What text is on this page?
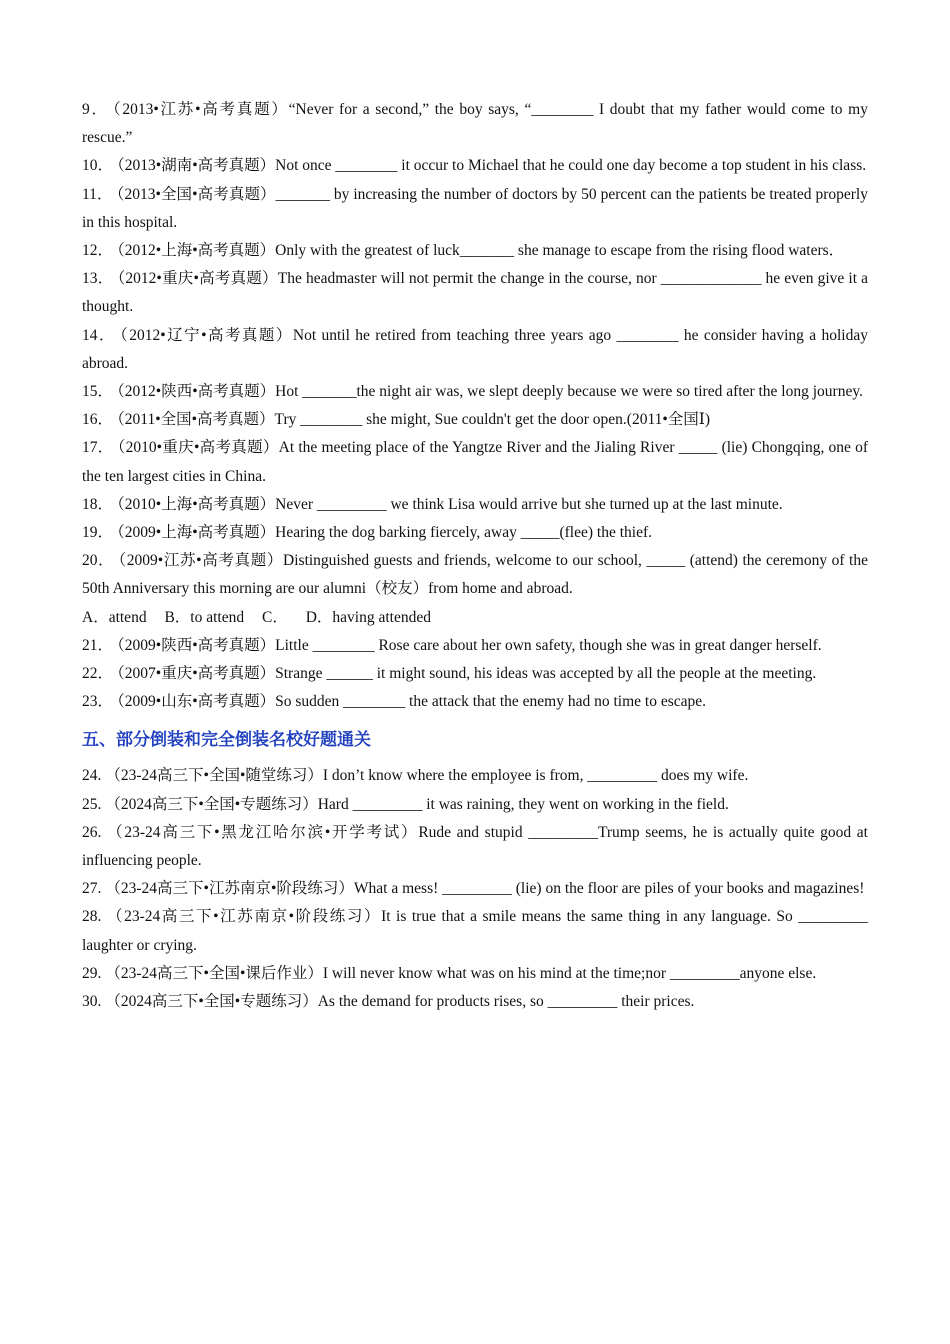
9． （2013•江苏•高考真题）“Never for a second,” the boy says, “________ I doubt that my father would come to my rescue.”

10． （2013•湖南•高考真题）Not once ________ it occur to Michael that he could one day become a top student in his class.

11． （2013•全国•高考真题）_______ by increasing the number of doctors by 50 percent can the patients be treated properly in this hospital.

12． （2012•上海•高考真题）Only with the greatest of luck_______ she manage to escape from the rising flood waters．

13． （2012•重庆•高考真题）The headmaster will not permit the change in the course, nor _____________ he even give it a thought.

14． （2012•辽宁•高考真题）Not until he retired from teaching three years ago ________ he consider having a holiday abroad.

15． （2012•陕西•高考真题）Hot _______the night air was, we slept deeply because we were so tired after the long journey.

16． （2011•全国•高考真题）Try ________ she might, Sue couldn't get the door open.(2011•全国Ⅰ)

17． （2010•重庆•高考真题）At the meeting place of the Yangtze River and the Jialing River _____ (lie) Chongqing, one of the ten largest cities in China.

18． （2010•上海•高考真题）Never _________ we think Lisa would arrive but she turned up at the last minute.

19． （2009•上海•高考真题）Hearing the dog barking fiercely, away _____(flee) the thief.

20． （2009•江苏•高考真题）Distinguished guests and friends, welcome to our school, _____ (attend) the ceremony of the 50th Anniversary this morning are our alumni（校友）from home and abroad.

A．attend B．to attend C． D．having attended

21． （2009•陕西•高考真题）Little ________ Rose care about her own safety, though she was in great danger herself.

22． （2007•重庆•高考真题）Strange ______ it might sound, his ideas was accepted by all the people at the meeting.

23． （2009•山东•高考真题）So sudden ________ the attack that the enemy had no time to escape.

五、部分倒装和完全倒装名校好题通关

24. （23-24高三下•全国•随堂练习）I don’t know where the employee is from, _________ does my wife.

25. （2024高三下•全国•专题练习）Hard _________ it was raining, they went on working in the field.

26. （23-24高三下•黑龙江哈尔滨•开学考试）Rude and stupid _________Trump seems, he is actually quite good at influencing people.

27. （23-24高三下•江苏南京•阶段练习）What a mess! _________ (lie) on the floor are piles of your books and magazines!

28. （23-24高三下•江苏南京•阶段练习）It is true that a smile means the same thing in any language. So _________ laughter or crying.

29. （23-24高三下•全国•课后作业）I will never know what was on his mind at the time;nor _________anyone else.

30. （2024高三下•全国•专题练习）As the demand for products rises, so _________ their prices.
